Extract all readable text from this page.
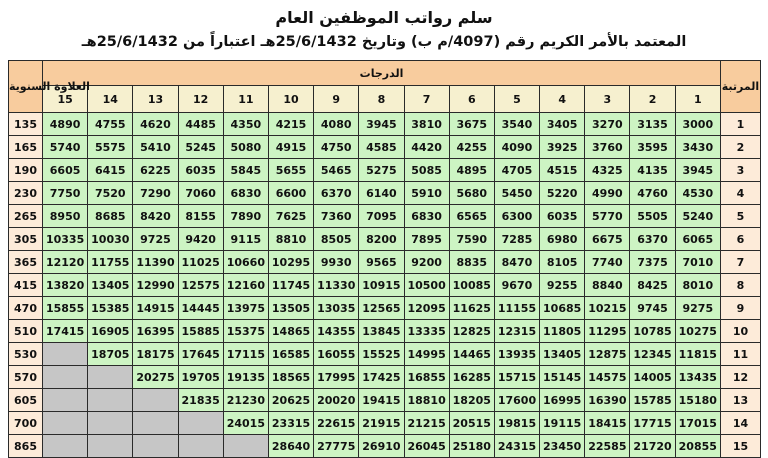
سلم رواتب الموظفين العام
المعتمد بالأمر الكريم رقم (4097/م ب) وتاريخ 25/6/1432هـ اعتباراً من 25/6/1432هـ
العلاوة السنوية	الدرجات															المرتبة
	15	14	13	12	11	10	9	8	7	6	5	4	3	2	1	
135	4890	4755	4620	4485	4350	4215	4080	3945	3810	3675	3540	3405	3270	3135	3000	1
165	5740	5575	5410	5245	5080	4915	4750	4585	4420	4255	4090	3925	3760	3595	3430	2
190	6605	6415	6225	6035	5845	5655	5465	5275	5085	4895	4705	4515	4325	4135	3945	3
230	7750	7520	7290	7060	6830	6600	6370	6140	5910	5680	5450	5220	4990	4760	4530	4
265	8950	8685	8420	8155	7890	7625	7360	7095	6830	6565	6300	6035	5770	5505	5240	5
305	10335	10030	9725	9420	9115	8810	8505	8200	7895	7590	7285	6980	6675	6370	6065	6
365	12120	11755	11390	11025	10660	10295	9930	9565	9200	8835	8470	8105	7740	7375	7010	7
415	13820	13405	12990	12575	12160	11745	11330	10915	10500	10085	9670	9255	8840	8425	8010	8
470	15855	15385	14915	14445	13975	13505	13035	12565	12095	11625	11155	10685	10215	9745	9275	9
510	17415	16905	16395	15885	15375	14865	14355	13845	13335	12825	12315	11805	11295	10785	10275	10
530		18705	18175	17645	17115	16585	16055	15525	14995	14465	13935	13405	12875	12345	11815	11
570			20275	19705	19135	18565	17995	17425	16855	16285	15715	15145	14575	14005	13435	12
605				21835	21230	20625	20020	19415	18810	18205	17600	16995	16390	15785	15180	13
700					24015	23315	22615	21915	21215	20515	19815	19115	18415	17715	17015	14
865						28640	27775	26910	26045	25180	24315	23450	22585	21720	20855	15
